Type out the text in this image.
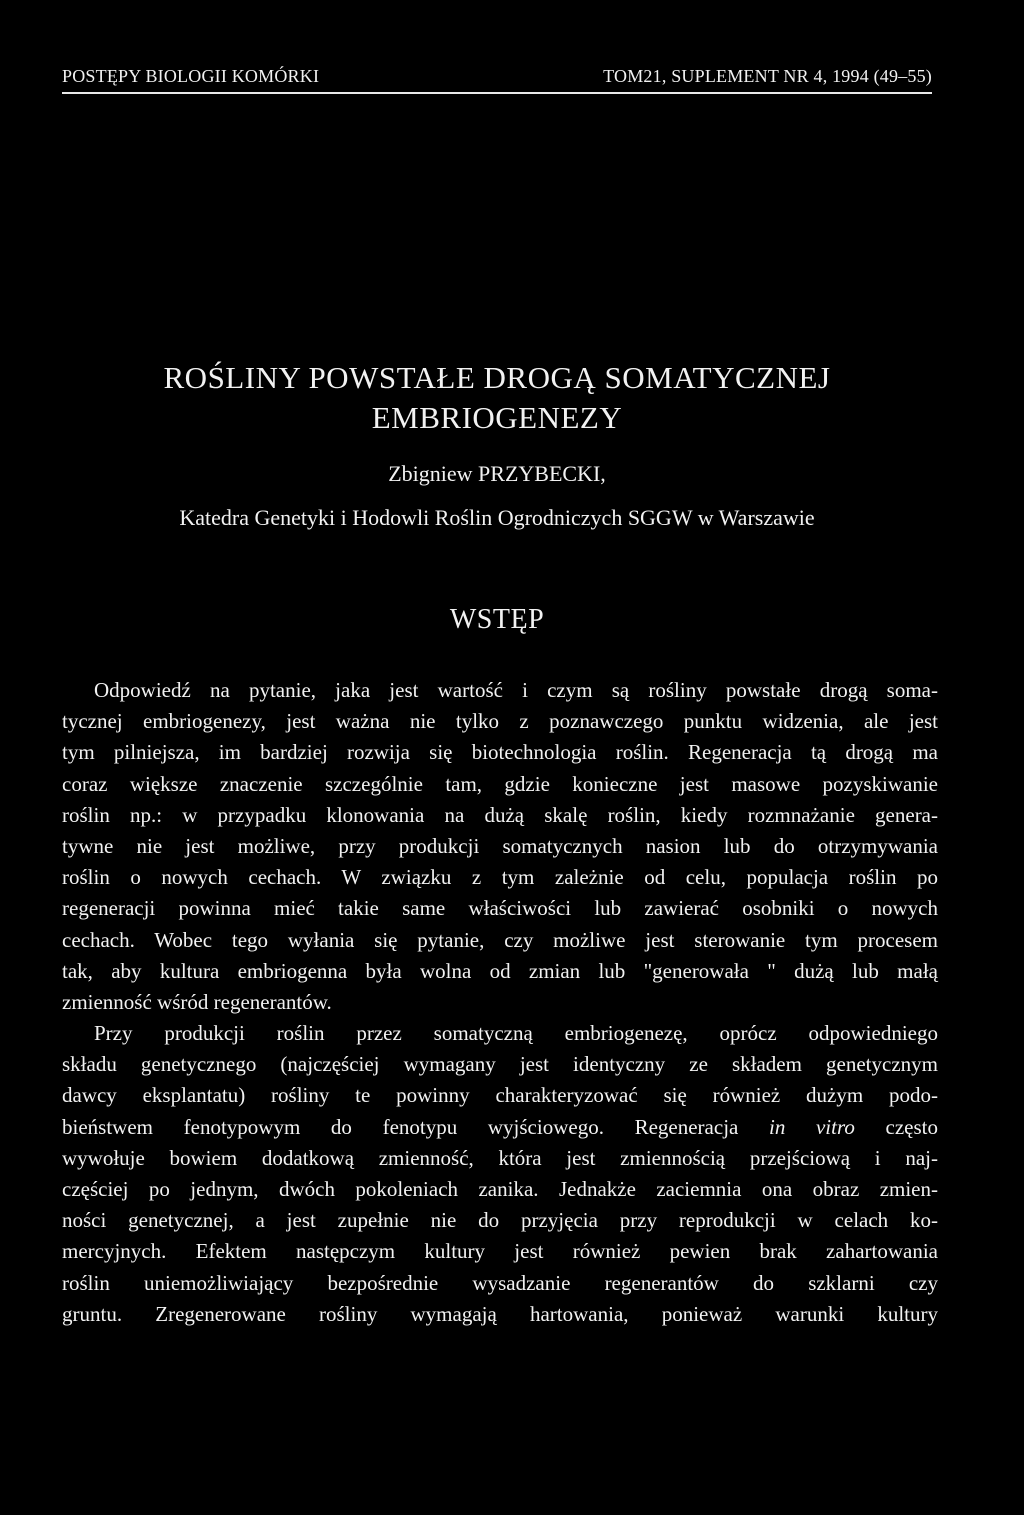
POSTĘPY BIOLOGII KOMÓRKI	TOM21, SUPLEMENT NR 4, 1994 (49–55)
ROŚLINY POWSTAŁE DROGĄ SOMATYCZNEJ
EMBRIOGENEZY

Zbigniew PRZYBECKI,

Katedra Genetyki i Hodowli Roślin Ogrodniczych SGGW w Warszawie

WSTĘP
Odpowiedź na pytanie, jaka jest wartość i czym są rośliny powstałe drogą soma-
tycznej embriogenezy, jest ważna nie tylko z poznawczego punktu widzenia, ale jest
tym pilniejsza, im bardziej rozwija się biotechnologia roślin. Regeneracja tą drogą ma
coraz większe znaczenie szczególnie tam, gdzie konieczne jest masowe pozyskiwanie
roślin np.: w przypadku klonowania na dużą skalę roślin, kiedy rozmnażanie genera-
tywne nie jest możliwe, przy produkcji somatycznych nasion lub do otrzymywania
roślin o nowych cechach. W związku z tym zależnie od celu, populacja roślin po
regeneracji powinna mieć takie same właściwości lub zawierać osobniki o nowych
cechach. Wobec tego wyłania się pytanie, czy możliwe jest sterowanie tym procesem
tak, aby kultura embriogenna była wolna od zmian lub "generowała " dużą lub małą
zmienność wśród regenerantów.
Przy produkcji roślin przez somatyczną embriogenezę, oprócz odpowiedniego
składu genetycznego (najczęściej wymagany jest identyczny ze składem genetycznym
dawcy eksplantatu) rośliny te powinny charakteryzować się również dużym podo-
bieństwem fenotypowym do fenotypu wyjściowego. Regeneracja in vitro często
wywołuje bowiem dodatkową zmienność, która jest zmiennością przejściową i naj-
częściej po jednym, dwóch pokoleniach zanika. Jednakże zaciemnia ona obraz zmien-
ności genetycznej, a jest zupełnie nie do przyjęcia przy reprodukcji w celach ko-
mercyjnych. Efektem następczym kultury jest również pewien brak zahartowania
roślin uniemożliwiający bezpośrednie wysadzanie regenerantów do szklarni czy
gruntu. Zregenerowane rośliny wymagają hartowania, ponieważ warunki kultury
